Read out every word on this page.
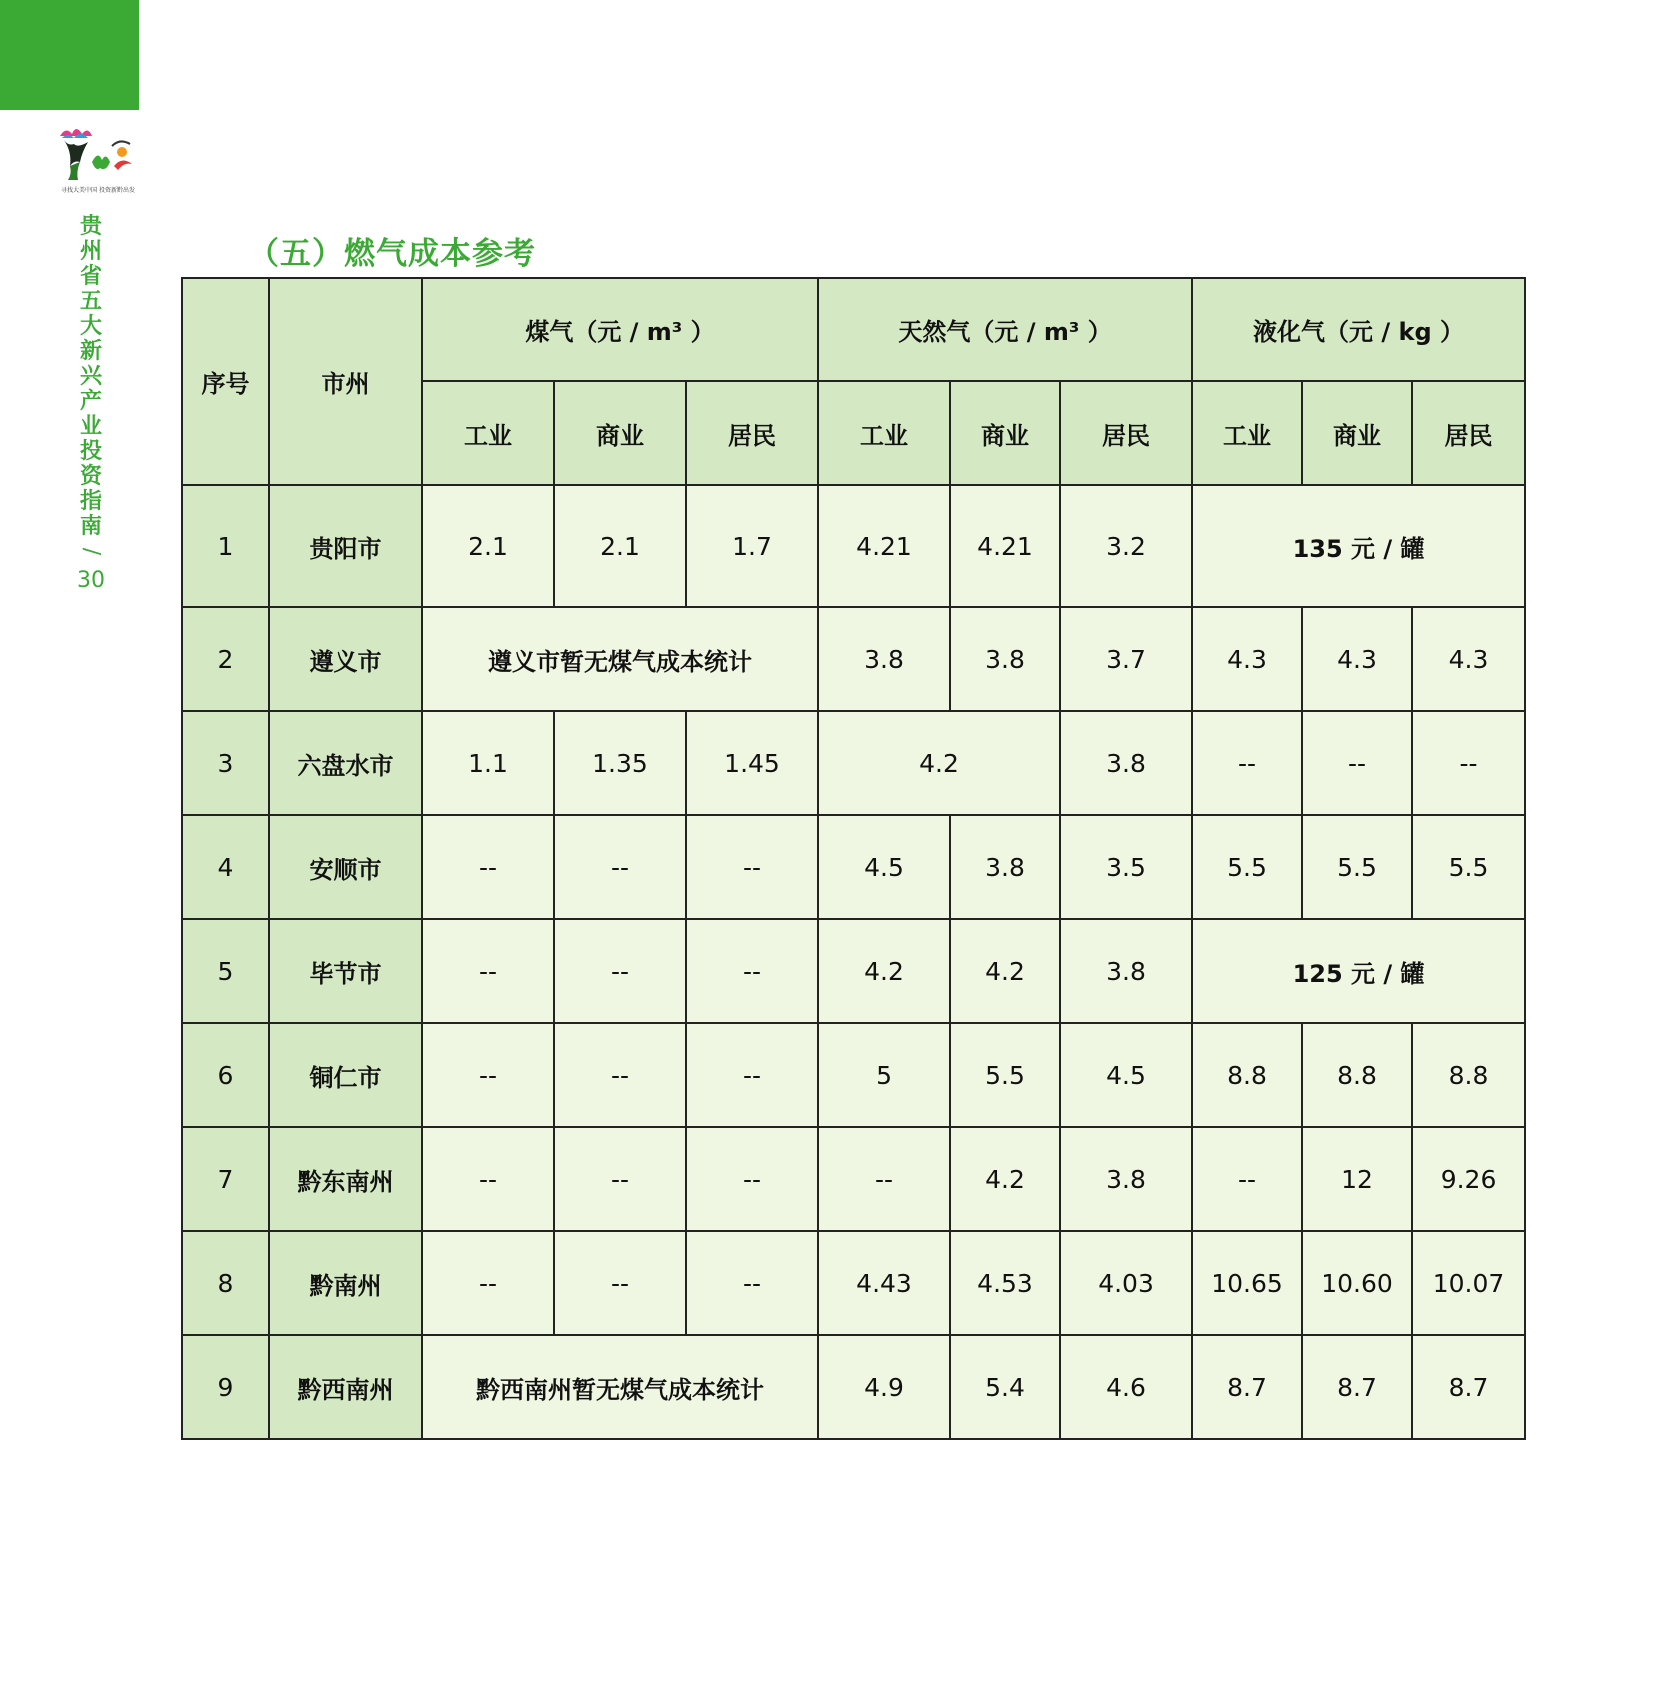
寻找大美中国 投资新黔出发
贵
州
省
五
大
新
兴
产
业
投
资
指
南
/
30
（五）燃气成本参考
序号	市州	煤气（元 / m³ ）			天然气（元 / m³ ）			液化气（元 / kg ）		
		工业	商业	居民	工业	商业	居民	工业	商业	居民
1	贵阳市	2.1	2.1	1.7	4.21	4.21	3.2	135 元 / 罐		
2	遵义市	遵义市暂无煤气成本统计			3.8	3.8	3.7	4.3	4.3	4.3
3	六盘水市	1.1	1.35	1.45	4.2		3.8	--	--	--
4	安顺市	--	--	--	4.5	3.8	3.5	5.5	5.5	5.5
5	毕节市	--	--	--	4.2	4.2	3.8	125 元 / 罐		
6	铜仁市	--	--	--	5	5.5	4.5	8.8	8.8	8.8
7	黔东南州	--	--	--	--	4.2	3.8	--	12	9.26
8	黔南州	--	--	--	4.43	4.53	4.03	10.65	10.60	10.07
9	黔西南州	黔西南州暂无煤气成本统计			4.9	5.4	4.6	8.7	8.7	8.7
